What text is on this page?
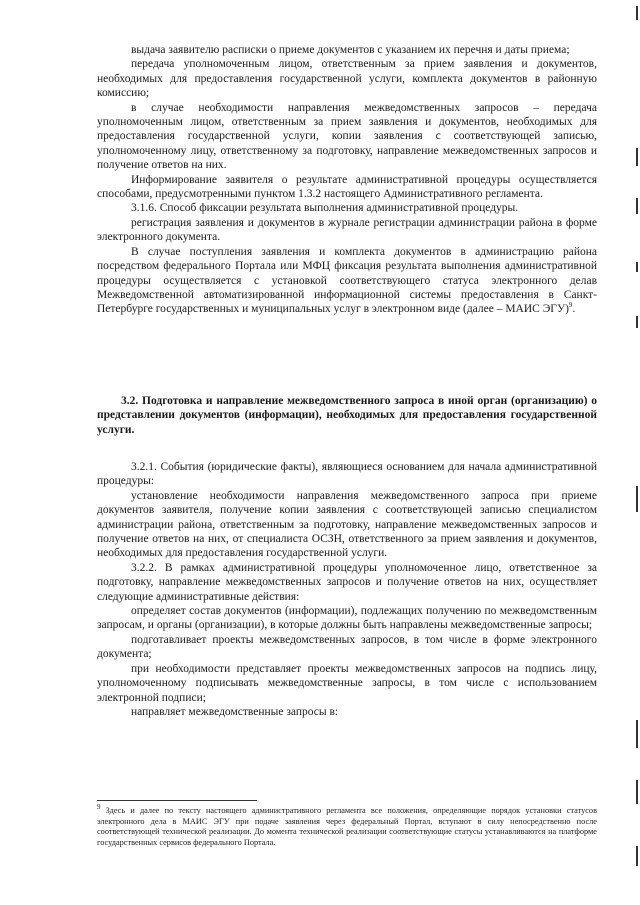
выдача заявителю расписки о приеме документов с указанием их перечня и даты приема;

передача уполномоченным лицом, ответственным за прием заявления и документов, необходимых для предоставления государственной услуги, комплекта документов в районную комиссию;

в случае необходимости направления межведомственных запросов – передача уполномоченным лицом, ответственным за прием заявления и документов, необходимых для предоставления государственной услуги, копии заявления с соответствующей записью, уполномоченному лицу, ответственному за подготовку, направление межведомственных запросов и получение ответов на них.

Информирование заявителя о результате административной процедуры осуществляется способами, предусмотренными пунктом 1.3.2 настоящего Административного регламента.

3.1.6. Способ фиксации результата выполнения административной процедуры.

регистрация заявления и документов в журнале регистрации администрации района в форме электронного документа.

В случае поступления заявления и комплекта документов в администрацию района посредством федерального Портала или МФЦ фиксация результата выполнения административной процедуры осуществляется с установкой соответствующего статуса электронного делав Межведомственной автоматизированной информационной системы предоставления в Санкт-Петербурге государственных и муниципальных услуг в электронном виде (далее – МАИС ЭГУ)$^9$.

3.2. Подготовка и направление межведомственного запроса в иной орган (организацию) о представлении документов (информации), необходимых для предоставления государственной услуги.

3.2.1. События (юридические факты), являющиеся основанием для начала административной процедуры:

установление необходимости направления межведомственного запроса при приеме документов заявителя, получение копии заявления с соответствующей записью специалистом администрации района, ответственным за подготовку, направление межведомственных запросов и получение ответов на них, от специалиста ОСЗН, ответственного за прием заявления и документов, необходимых для предоставления государственной услуги.

3.2.2. В рамках административной процедуры уполномоченное лицо, ответственное за подготовку, направление межведомственных запросов и получение ответов на них, осуществляет следующие административные действия:

определяет состав документов (информации), подлежащих получению по межведомственным запросам, и органы (организации), в которые должны быть направлены межведомственные запросы;

подготавливает проекты межведомственных запросов, в том числе в форме электронного документа;

при необходимости представляет проекты межведомственных запросов на подпись лицу, уполномоченному подписывать межведомственные запросы, в том числе с использованием электронной подписи;

направляет межведомственные запросы в:

$^9$ Здесь и далее по тексту настоящего административного регламента все положения, определяющие порядок установки статусов электронного дела в МАИС ЭГУ при подаче заявления через федеральный Портал, вступают в силу непосредственно после соответствующей технической реализации. До момента технической реализации соответствующие статусы устанавливаются на платформе государственных сервисов федерального Портала.
